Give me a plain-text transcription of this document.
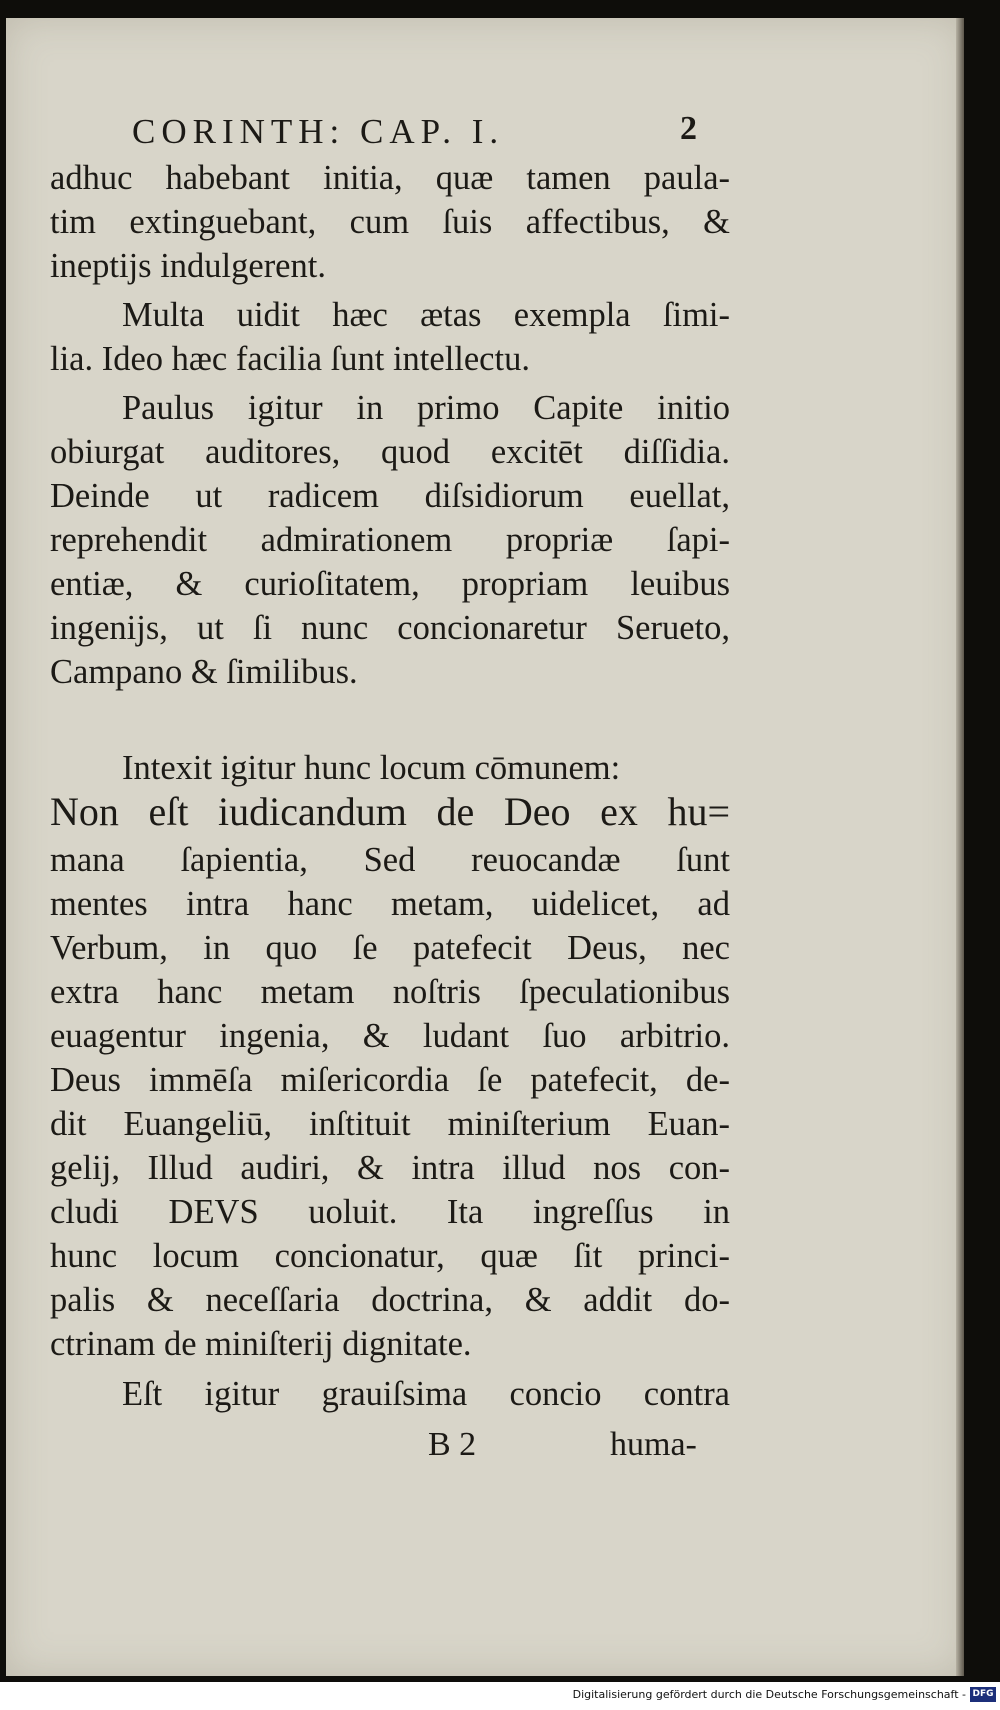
CORINTH: CAP. I.	2
adhuc habebant initia, quæ tamen paula-
tim extinguebant, cum ſuis affectibus, &
ineptijs indulgerent.
Multa uidit hæc ætas exempla ſimi-
lia. Ideo hæc facilia ſunt intellectu.
Paulus igitur in primo Capite initio
obiurgat auditores, quod excitēt diſſidia.
Deinde ut radicem diſsidiorum euellat,
reprehendit admirationem propriæ ſapi-
entiæ, & curioſitatem, propriam leuibus
ingenijs, ut ſi nunc concionaretur Serueto,
Campano & ſimilibus.
Intexit igitur hunc locum cōmunem:
Non eſt iudicandum de Deo ex hu=
mana ſapientia, Sed reuocandæ ſunt
mentes intra hanc metam, uidelicet, ad
Verbum, in quo ſe patefecit Deus, nec
extra hanc metam noſtris ſpeculationibus
euagentur ingenia, & ludant ſuo arbitrio.
Deus immēſa miſericordia ſe patefecit, de-
dit Euangeliū, inſtituit miniſterium Euan-
gelij, Illud audiri, & intra illud nos con-
cludi DEVS uoluit. Ita ingreſſus in
hunc locum concionatur, quæ ſit princi-
palis & neceſſaria doctrina, & addit do-
ctrinam de miniſterij dignitate.
Eſt igitur grauiſsima concio contra
B 2	huma-
Digitalisierung gefördert durch die Deutsche Forschungsgemeinschaft - DFG
